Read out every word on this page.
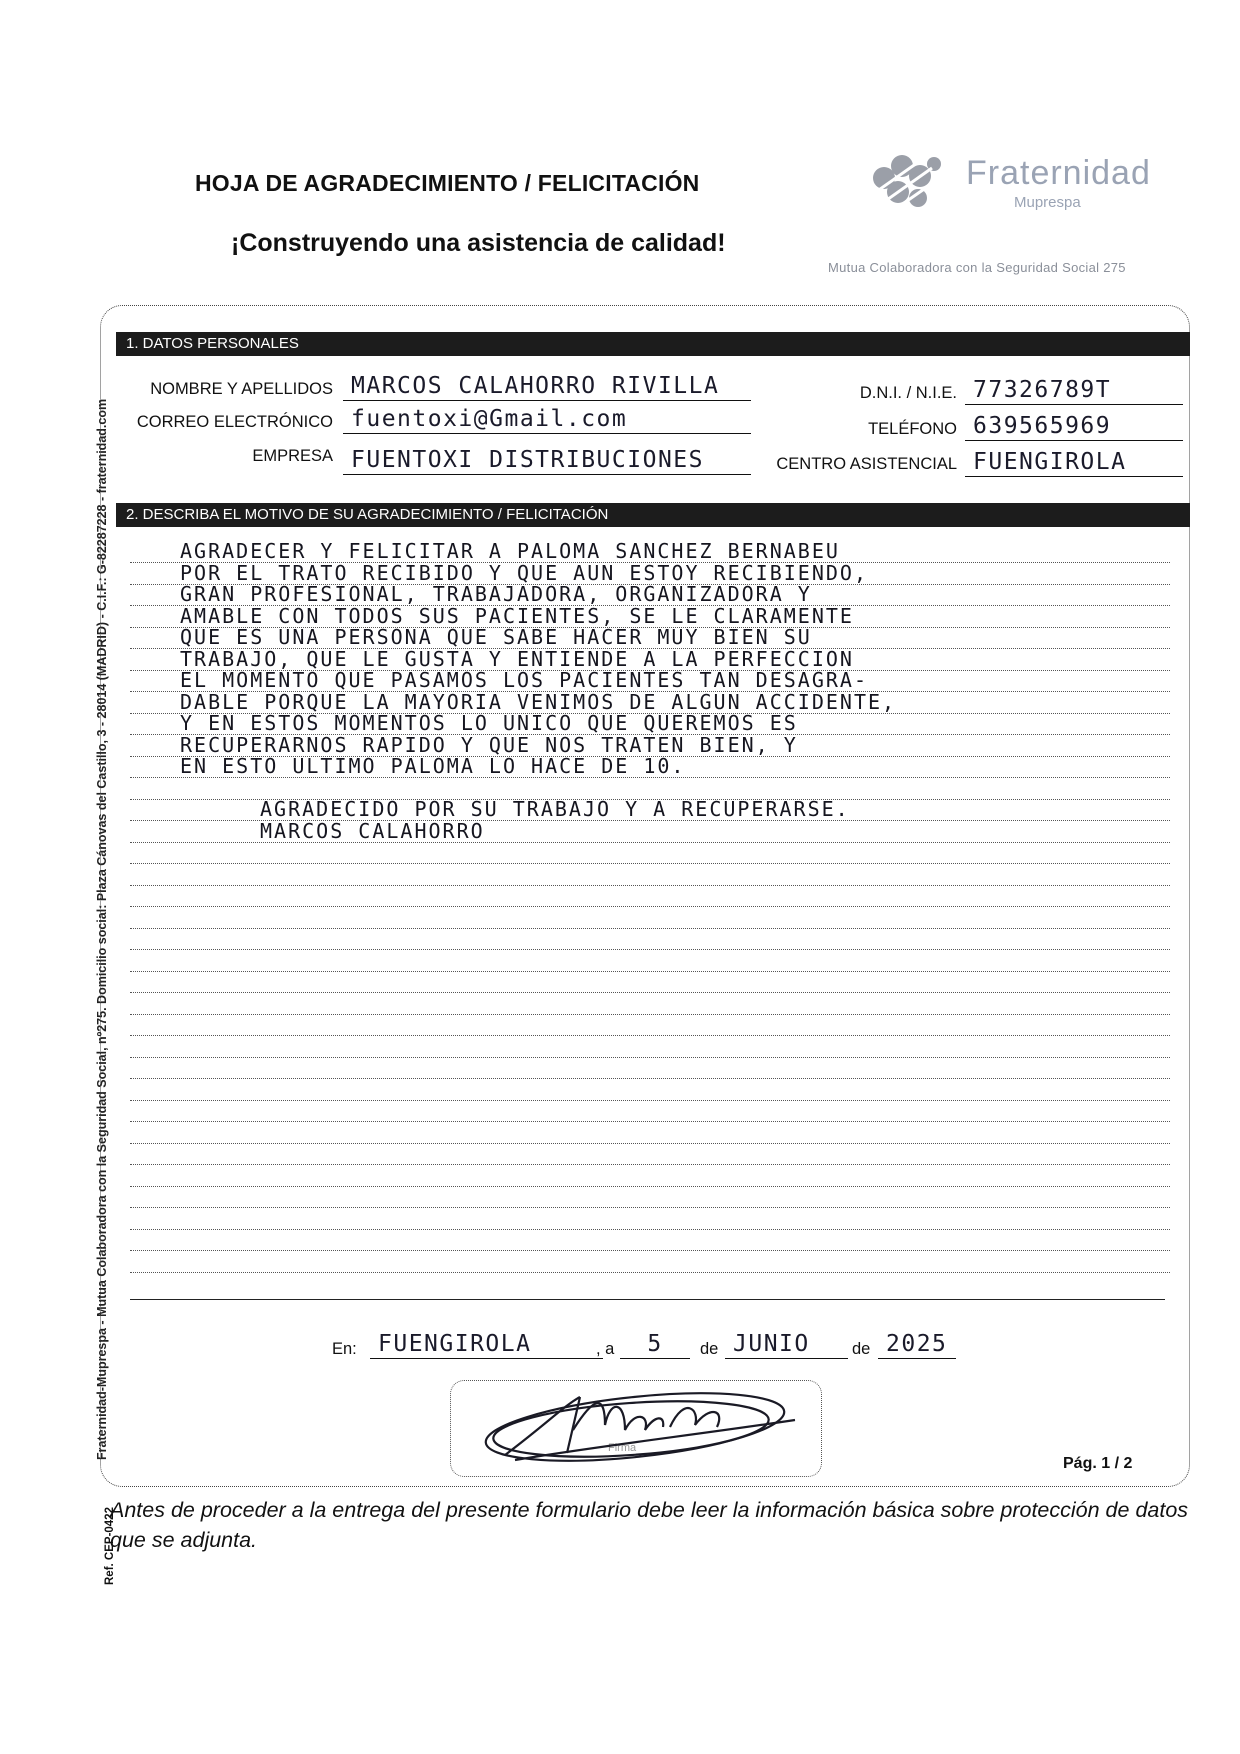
HOJA DE AGRADECIMIENTO / FELICITACIÓN
¡Construyendo una asistencia de calidad!
Fraternidad
Muprespa
Mutua Colaboradora con la Seguridad Social 275
Fraternidad-Muprespa - Mutua Colaboradora con la Seguridad Social, nº275. Domicilio social: Plaza Cánovas del Castillo, 3 - 28014 (MADRID) - C.I.F.: G-82287228 - fraternidad.com
Ref. CEP-0422
1. DATOS PERSONALES
NOMBRE Y APELLIDOS MARCOS CALAHORRO RIVILLA	D.N.I. / N.I.E. 77326789T
CORREO ELECTRÓNICO fuentoxi@Gmail.com	TELÉFONO 639565969
EMPRESA FUENTOXI DISTRIBUCIONES	CENTRO ASISTENCIAL FUENGIROLA
2. DESCRIBA EL MOTIVO DE SU AGRADECIMIENTO / FELICITACIÓN
AGRADECER Y FELICITAR A PALOMA SANCHEZ BERNABEU
POR EL TRATO RECIBIDO Y QUE AUN ESTOY RECIBIENDO,
GRAN PROFESIONAL, TRABAJADORA, ORGANIZADORA Y
AMABLE CON TODOS SUS PACIENTES, SE LE CLARAMENTE
QUE ES UNA PERSONA QUE SABE HACER MUY BIEN SU
TRABAJO, QUE LE GUSTA Y ENTIENDE A LA PERFECCION
EL MOMENTO QUE PASAMOS LOS PACIENTES TAN DESAGRA-
DABLE PORQUE LA MAYORIA VENIMOS DE ALGUN ACCIDENTE,
Y EN ESTOS MOMENTOS LO UNICO QUE QUEREMOS ES
RECUPERARNOS RAPIDO Y QUE NOS TRATEN BIEN, Y
EN ESTO ULTIMO PALOMA LO HACE DE 10.
AGRADECIDO POR SU TRABAJO Y A RECUPERARSE.
MARCOS CALAHORRO
En: FUENGIROLA	, a	5	de JUNIO	de 2025
Firma
Pág. 1 / 2
Antes de proceder a la entrega del presente formulario debe leer la información básica sobre protección de datos que se adjunta.
